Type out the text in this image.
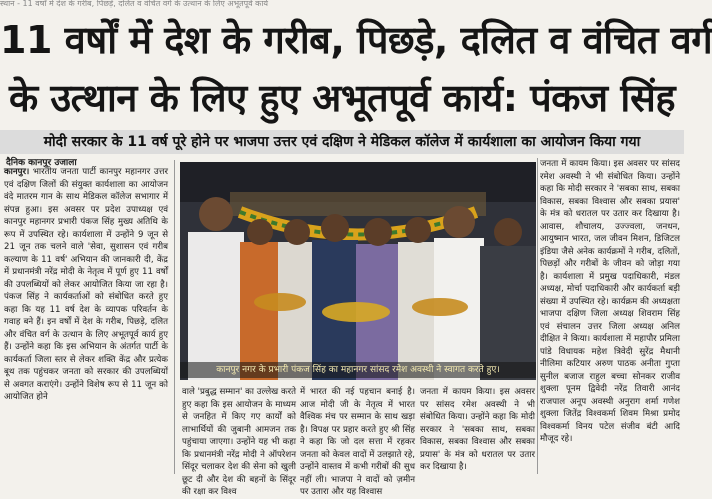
स्थान - 11 वर्षों में देश के गरीब, पिछड़े, दलित व वंचित वर्ग के उत्थान के लिए अभूतपूर्व कार्य
11 वर्षों में देश के गरीब, पिछड़े, दलित व वंचित वर्ग
के उत्थान के लिए हुए अभूतपूर्व कार्य: पंकज सिंह
मोदी सरकार के 11 वर्ष पूरे होने पर भाजपा उत्तर एवं दक्षिण ने मेडिकल कॉलेज में कार्यशाला का आयोजन किया गया
दैनिक कानपुर उजाला

कानपुर। भारतीय जनता पार्टी कानपुर महानगर उत्तर एवं दक्षिण जिलों की संयुक्त कार्यशाला का आयोजन वंदे मातरम गान के साथ मेडिकल कॉलेज सभागार में संपन्न हुआ। इस अवसर पर प्रदेश उपाध्यक्ष एवं कानपुर महानगर प्रभारी पंकज सिंह मुख्य अतिथि के रूप में उपस्थित रहे। कार्यशाला में उन्होंने 9 जून से 21 जून तक चलने वाले 'सेवा, सुशासन एवं गरीब कल्याण के 11 वर्ष' अभियान की जानकारी दी, केंद्र में प्रधानमंत्री नरेंद्र मोदी के नेतृत्व में पूर्ण हुए 11 वर्षों की उपलब्धियों को लेकर आयोजित किया जा रहा है। पंकज सिंह ने कार्यकर्ताओं को संबोधित करते हुए कहा कि यह 11 वर्ष देश के व्यापक परिवर्तन के गवाह बने हैं। इन वर्षों में देश के गरीब, पिछड़े, दलित और वंचित वर्ग के उत्थान के लिए अभूतपूर्व कार्य हुए हैं। उन्होंने कहा कि इस अभियान के अंतर्गत पार्टी के कार्यकर्ता जिला स्तर से लेकर शक्ति केंद्र और प्रत्येक बूथ तक पहुंचकर जनता को सरकार की उपलब्धियों से अवगत कराएंगे। उन्होंने विशेष रूप से 11 जून को आयोजित होने

कानपुर नगर के प्रभारी पंकज सिंह का महानगर सांसद रमेश अवस्थी ने स्वागत करते हुए।

वाले 'प्रबुद्ध सम्मान' का उल्लेख करते हुए कहा कि इस आयोजन के माध्यम से जनहित में किए गए कार्यों को लाभार्थियों की जुबानी आमजन तक पहुंचाया जाएगा। उन्होंने यह भी कहा कि प्रधानमंत्री नरेंद्र मोदी ने ऑपरेशन सिंदूर चलाकर देश की सेना को खुली छूट दी और देश की बहनों के सिंदूर की रक्षा कर विश्व

में भारत की नई पहचान बनाई है। आज मोदी जी के नेतृत्व में भारत वैश्विक मंच पर सम्मान के साथ खड़ा है। विपक्ष पर प्रहार करते हुए श्री सिंह ने कहा कि जो दल सत्ता में रहकर जनता को केवल वादों में उलझाते रहे, उन्होंने वास्तव में कभी गरीबों की सुध नहीं ली। भाजपा ने वादों को ज़मीन पर उतारा और यह विश्वास

जनता में कायम किया। इस अवसर पर सांसद रमेश अवस्थी ने भी संबोधित किया। उन्होंने कहा कि मोदी सरकार ने 'सबका साथ, सबका विकास, सबका विश्वास और सबका प्रयास' के मंत्र को धरातल पर उतार कर दिखाया है।

जनता में कायम किया। इस अवसर पर सांसद रमेश अवस्थी ने भी संबोधित किया। उन्होंने कहा कि मोदी सरकार ने 'सबका साथ, सबका विकास, सबका विश्वास और सबका प्रयास' के मंत्र को धरातल पर उतार कर दिखाया है। आवास, शौचालय, उज्ज्वला, जनधन, आयुष्मान भारत, जल जीवन मिशन, डिजिटल इंडिया जैसे अनेक कार्यक्रमों ने गरीब, दलितों, पिछड़ों और गरीबों के जीवन को जोड़ा गया है। कार्यशाला में प्रमुख पदाधिकारी, मंडल अध्यक्ष, मोर्चा पदाधिकारी और कार्यकर्ता बड़ी संख्या में उपस्थित रहे। कार्यक्रम की अध्यक्षता भाजपा दक्षिण जिला अध्यक्ष शिवराम सिंह एवं संचालन उत्तर जिला अध्यक्ष अनिल दीक्षित ने किया। कार्यशाला में महापौर प्रमिला पांडे विधायक महेश त्रिवेदी सुरेंद्र मैथानी नीलिमा कटियार अरुण पाठक अनीता गुप्ता सुनील बजाज राहुल बच्चा सोनकर राजीव शुक्ला पूनम द्विवेदी नरेंद्र तिवारी आनंद राजपाल अनूप अवस्थी अनुराग शर्मा गणेश शुक्ला जितेंद्र विश्वकर्मा शिवम मिश्रा प्रमोद विश्वकर्मा विनय पटेल संजीव बंटी आदि मौजूद रहे।
